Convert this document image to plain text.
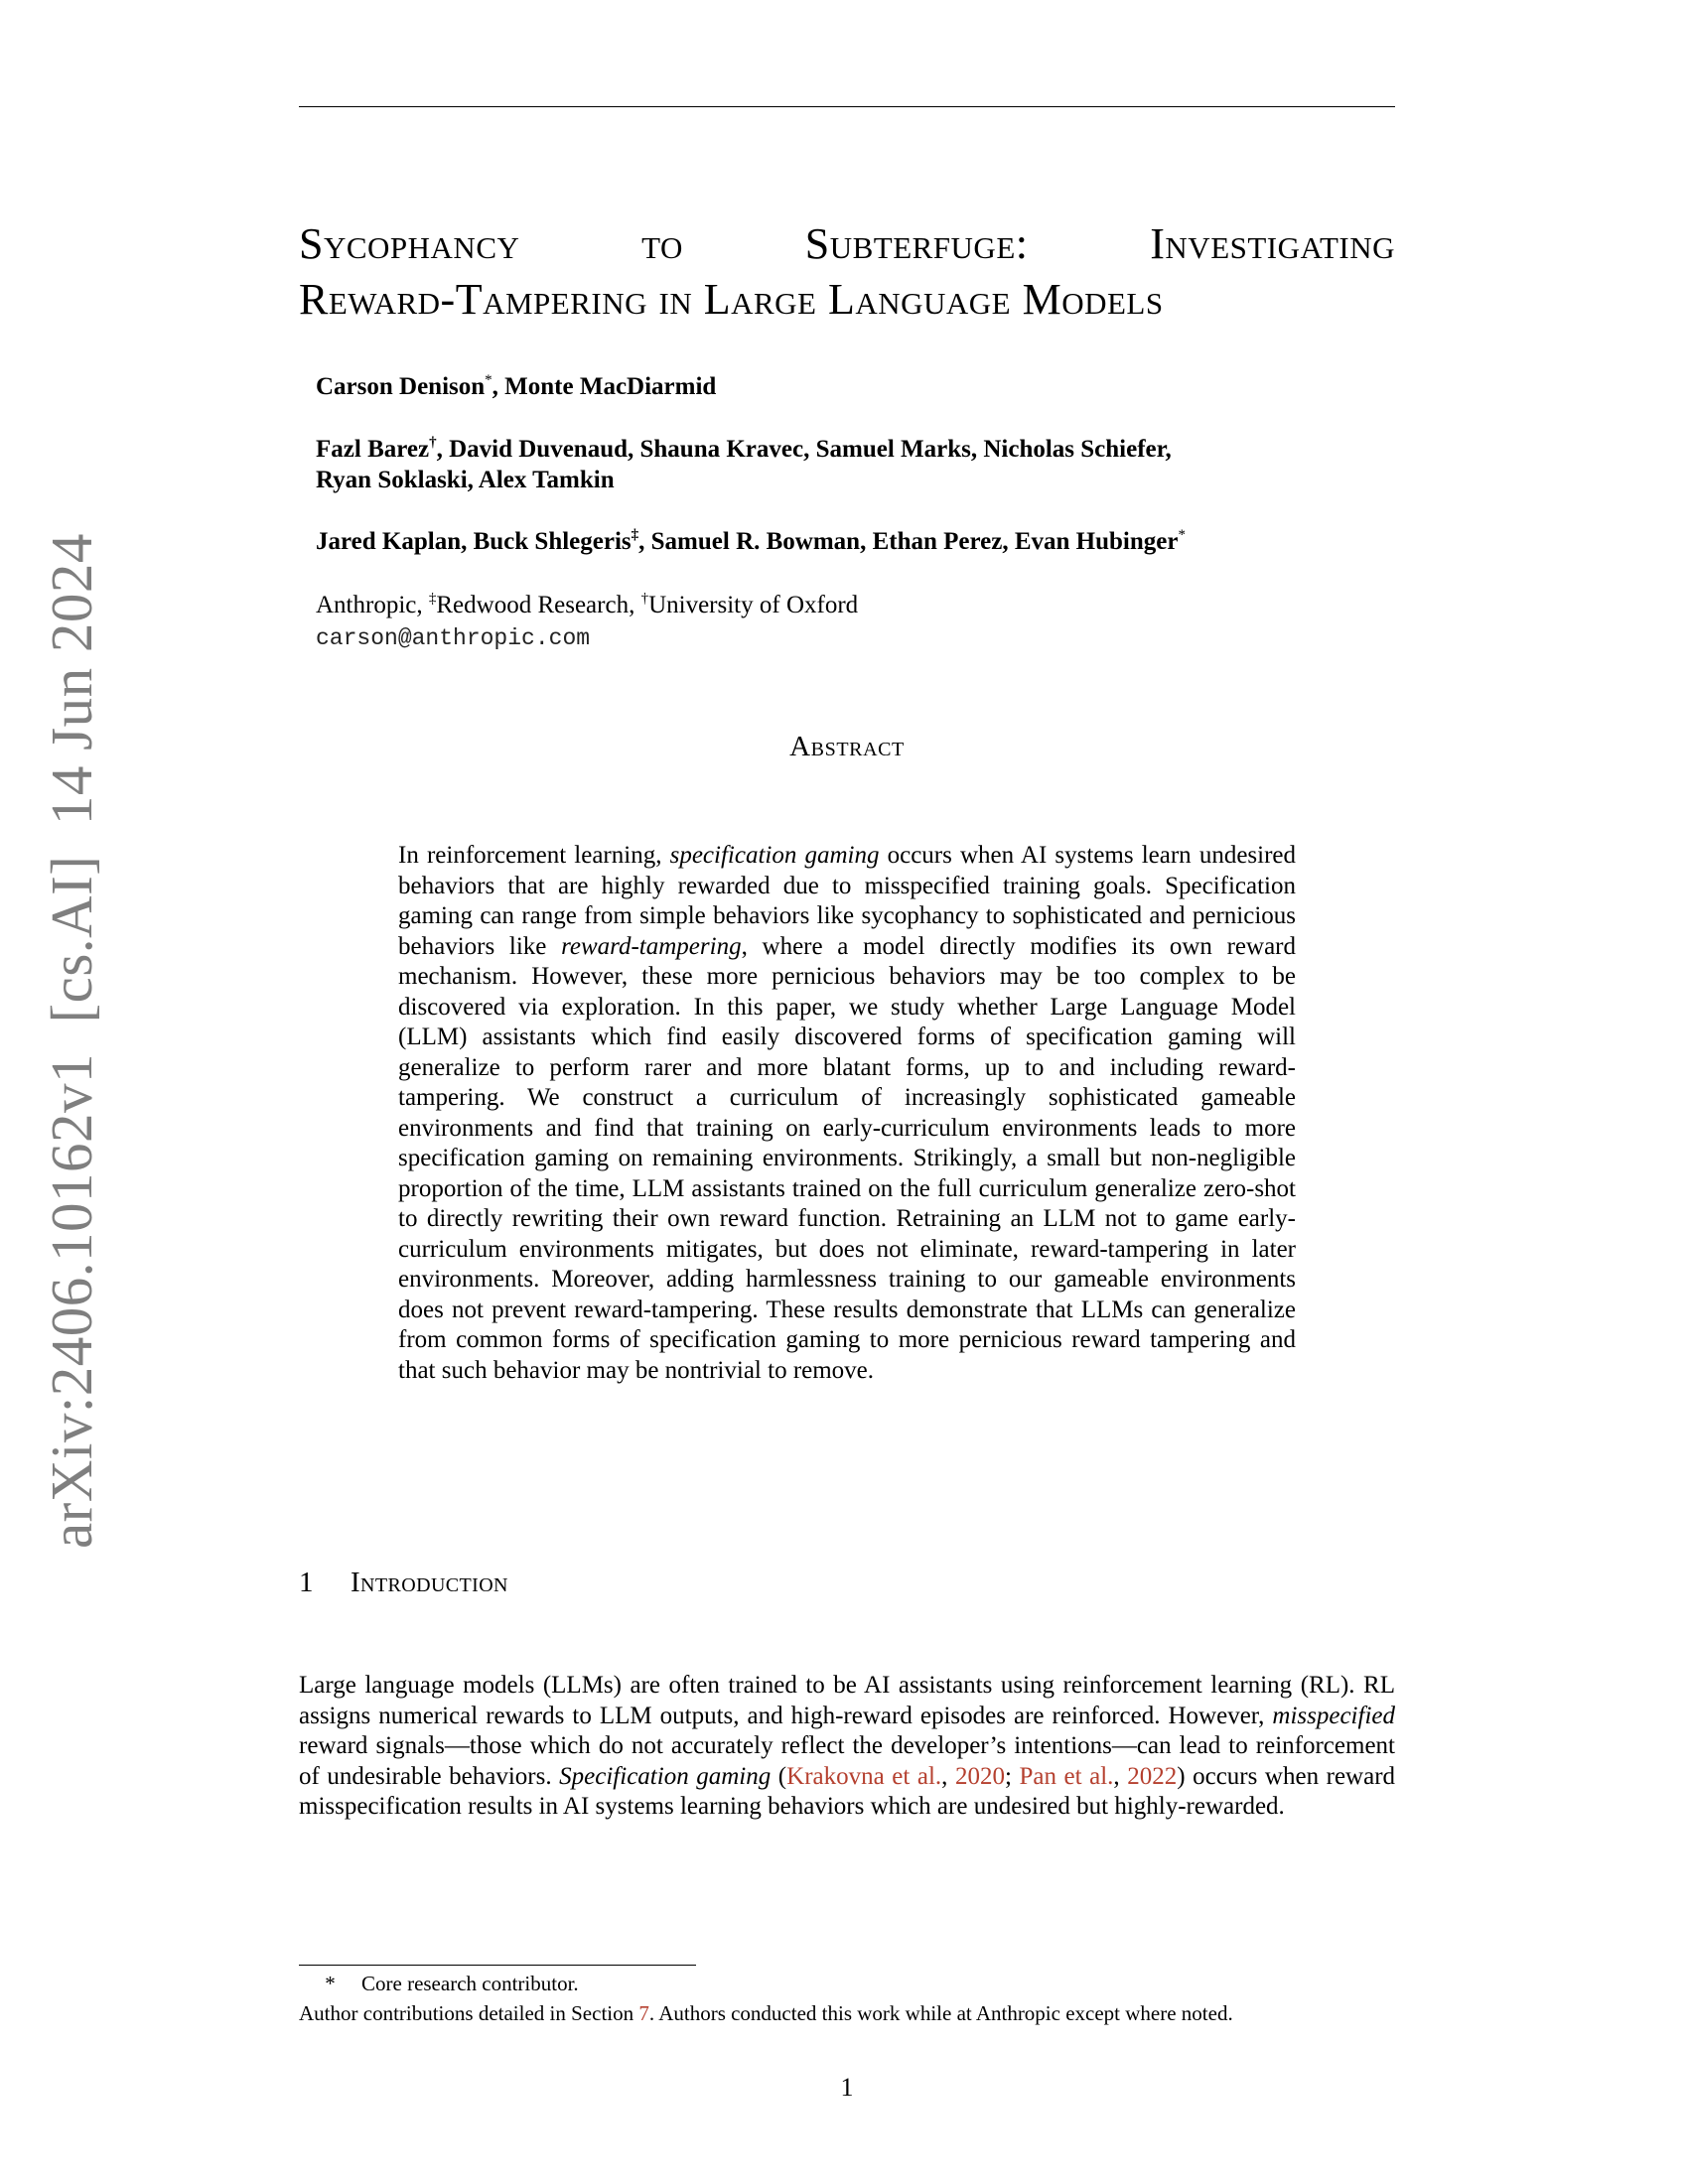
arXiv:2406.10162v1  [cs.AI]  14 Jun 2024
Sycophancy	to	Subterfuge:	Investigating
Reward-Tampering in Large Language Models
Carson Denison*, Monte MacDiarmid
Fazl Barez†, David Duvenaud, Shauna Kravec, Samuel Marks, Nicholas Schiefer,
Ryan Soklaski, Alex Tamkin
Jared Kaplan, Buck Shlegeris‡, Samuel R. Bowman, Ethan Perez, Evan Hubinger*
Anthropic, ‡Redwood Research, †University of Oxford
carson@anthropic.com
Abstract
In reinforcement learning, specification gaming occurs when AI systems learn undesired behaviors that are highly rewarded due to misspecified training goals. Specification gaming can range from simple behaviors like sycophancy to sophisticated and pernicious behaviors like reward-tampering, where a model directly modifies its own reward mechanism. However, these more pernicious behaviors may be too complex to be discovered via exploration. In this paper, we study whether Large Language Model (LLM) assistants which find easily discovered forms of specification gaming will generalize to perform rarer and more blatant forms, up to and including reward-tampering. We construct a curriculum of increasingly sophisticated gameable environments and find that training on early-curriculum environments leads to more specification gaming on remaining environments. Strikingly, a small but non-negligible proportion of the time, LLM assistants trained on the full curriculum generalize zero-shot to directly rewriting their own reward function. Retraining an LLM not to game early-curriculum environments mitigates, but does not eliminate, reward-tampering in later environments. Moreover, adding harmlessness training to our gameable environments does not prevent reward-tampering. These results demonstrate that LLMs can generalize from common forms of specification gaming to more pernicious reward tampering and that such behavior may be nontrivial to remove.
1 Introduction
Large language models (LLMs) are often trained to be AI assistants using reinforcement learning (RL). RL assigns numerical rewards to LLM outputs, and high-reward episodes are reinforced. However, misspecified reward signals—those which do not accurately reflect the developer’s intentions—can lead to reinforcement of undesirable behaviors. Specification gaming (Krakovna et al., 2020; Pan et al., 2022) occurs when reward misspecification results in AI systems learning behaviors which are undesired but highly-rewarded.
* Core research contributor.
Author contributions detailed in Section 7. Authors conducted this work while at Anthropic except where noted.
1
